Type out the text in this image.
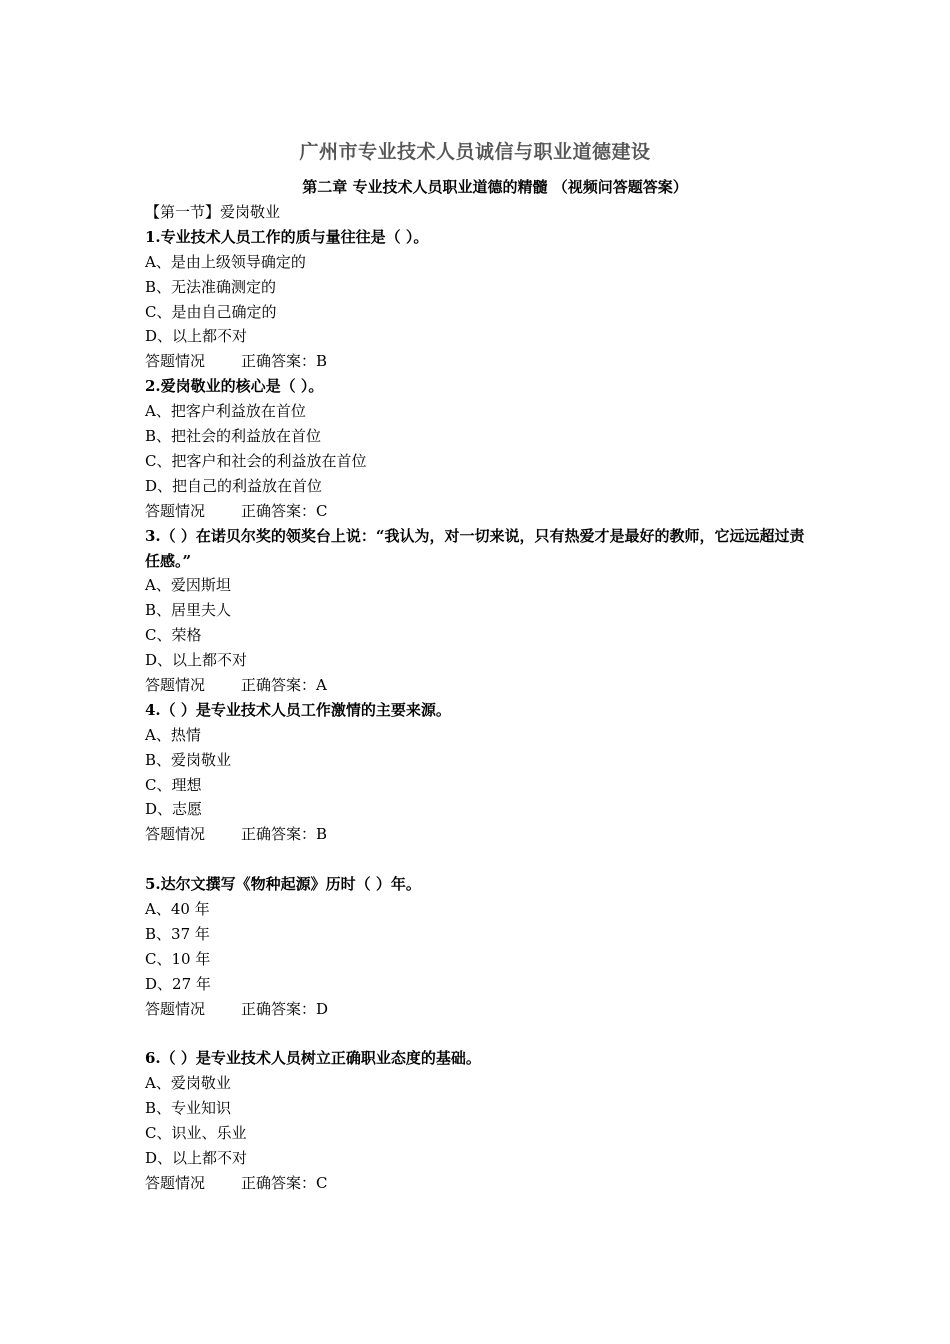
广州市专业技术人员诚信与职业道德建设
第二章 专业技术人员职业道德的精髓 （视频问答题答案）
【第一节】爱岗敬业
1.专业技术人员工作的质与量往往是（ ）。
A、是由上级领导确定的
B、无法准确测定的
C、是由自己确定的
D、以上都不对
答题情况 正确答案：B
2.爱岗敬业的核心是（ ）。
A、把客户利益放在首位
B、把社会的利益放在首位
C、把客户和社会的利益放在首位
D、把自己的利益放在首位
答题情况 正确答案：C
3.（ ）在诺贝尔奖的领奖台上说：“我认为，对一切来说，只有热爱才是最好的教师，它远远超过责任感。”
A、爱因斯坦
B、居里夫人
C、荣格
D、以上都不对
答题情况 正确答案：A
4.（ ）是专业技术人员工作激情的主要来源。
A、热情
B、爱岗敬业
C、理想
D、志愿
答题情况 正确答案：B
5.达尔文撰写《物种起源》历时（ ）年。
A、40 年
B、37 年
C、10 年
D、27 年
答题情况 正确答案：D
6.（ ）是专业技术人员树立正确职业态度的基础。
A、爱岗敬业
B、专业知识
C、识业、乐业
D、以上都不对
答题情况 正确答案：C
